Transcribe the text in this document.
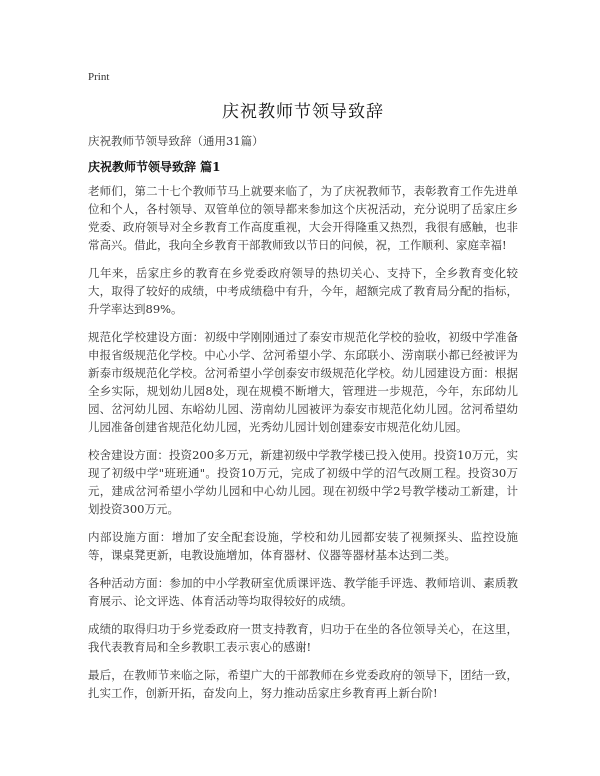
Print
庆祝教师节领导致辞
庆祝教师节领导致辞（通用31篇）
庆祝教师节领导致辞 篇1

老师们，第二十七个教师节马上就要来临了，为了庆祝教师节，表彰教育工作先进单位和个人，各村领导、双管单位的领导都来参加这个庆祝活动，充分说明了岳家庄乡党委、政府领导对全乡教育工作高度重视，大会开得隆重又热烈，我很有感触，也非常高兴。借此，我向全乡教育干部教师致以节日的问候，祝，工作顺利、家庭幸福!

几年来，岳家庄乡的教育在乡党委政府领导的热切关心、支持下，全乡教育变化较大，取得了较好的成绩，中考成绩稳中有升，今年，超额完成了教育局分配的指标，升学率达到89%。

规范化学校建设方面：初级中学刚刚通过了泰安市规范化学校的验收，初级中学准备申报省级规范化学校。中心小学、岔河希望小学、东邱联小、涝南联小都已经被评为新泰市级规范化学校。岔河希望小学创泰安市级规范化学校。幼儿园建设方面：根据全乡实际，规划幼儿园8处，现在规模不断增大，管理进一步规范，今年，东邱幼儿园、岔河幼儿园、东峪幼儿园、涝南幼儿园被评为泰安市规范化幼儿园。岔河希望幼儿园准备创建省规范化幼儿园，光秀幼儿园计划创建泰安市规范化幼儿园。

校舍建设方面：投资200多万元，新建初级中学教学楼已投入使用。投资10万元，实现了初级中学"班班通"。投资10万元，完成了初级中学的沼气改厕工程。投资30万元，建成岔河希望小学幼儿园和中心幼儿园。现在初级中学2号教学楼动工新建，计划投资300万元。

内部设施方面：增加了安全配套设施，学校和幼儿园都安装了视频探头、监控设施等，课桌凳更新，电教设施增加，体育器材、仪器等器材基本达到二类。

各种活动方面：参加的中小学教研室优质课评选、教学能手评选、教师培训、素质教育展示、论文评选、体育活动等均取得较好的成绩。

成绩的取得归功于乡党委政府一贯支持教育，归功于在坐的各位领导关心，在这里，我代表教育局和全乡教职工表示衷心的感谢!

最后，在教师节来临之际，希望广大的干部教师在乡党委政府的领导下，团结一致，扎实工作，创新开拓，奋发向上，努力推动岳家庄乡教育再上新台阶!
